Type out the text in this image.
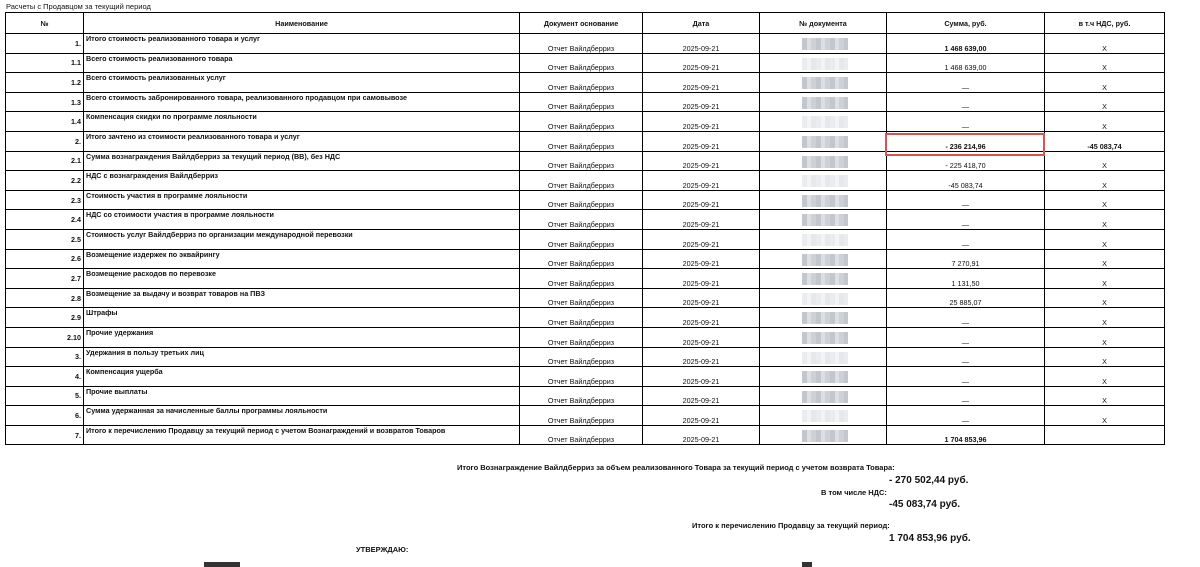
Расчеты с Продавцом за текущий период
№	Наименование	Документ основание	Дата	№ документа	Сумма, руб.	в т.ч НДС, руб.
1.	Итого стоимость реализованного товара и услуг	Отчет Вайлдберриз	2025-09-21		1 468 639,00	X
1.1	Всего стоимость реализованного товара	Отчет Вайлдберриз	2025-09-21		1 468 639,00	X
1.2	Всего стоимость реализованных услуг	Отчет Вайлдберриз	2025-09-21		—	X
1.3	Всего стоимость забронированного товара, реализованного продавцом при самовывозе	Отчет Вайлдберриз	2025-09-21		—	X
1.4	Компенсация скидки по программе лояльности	Отчет Вайлдберриз	2025-09-21		—	X
2.	Итого зачтено из стоимости реализованного товара и услуг	Отчет Вайлдберриз	2025-09-21		- 236 214,96	-45 083,74
2.1	Сумма вознаграждения Вайлдберриз за текущий период (ВВ), без НДС	Отчет Вайлдберриз	2025-09-21		- 225 418,70	X
2.2	НДС с вознаграждения Вайлдберриз	Отчет Вайлдберриз	2025-09-21		-45 083,74	X
2.3	Стоимость участия в программе лояльности	Отчет Вайлдберриз	2025-09-21		—	X
2.4	НДС со стоимости участия в программе лояльности	Отчет Вайлдберриз	2025-09-21		—	X
2.5	Стоимость услуг Вайлдберриз по организации международной перевозки	Отчет Вайлдберриз	2025-09-21		—	X
2.6	Возмещение издержек по эквайрингу	Отчет Вайлдберриз	2025-09-21		7 270,91	X
2.7	Возмещение расходов по перевозке	Отчет Вайлдберриз	2025-09-21		1 131,50	X
2.8	Возмещение за выдачу и возврат товаров на ПВЗ	Отчет Вайлдберриз	2025-09-21		25 885,07	X
2.9	Штрафы	Отчет Вайлдберриз	2025-09-21		—	X
2.10	Прочие удержания	Отчет Вайлдберриз	2025-09-21		—	X
3.	Удержания в пользу третьих лиц	Отчет Вайлдберриз	2025-09-21		—	X
4.	Компенсация ущерба	Отчет Вайлдберриз	2025-09-21		—	X
5.	Прочие выплаты	Отчет Вайлдберриз	2025-09-21		—	X
6.	Сумма удержанная за начисленные баллы программы лояльности	Отчет Вайлдберриз	2025-09-21		—	X
7.	Итого к перечислению Продавцу за текущий период с учетом Вознаграждений и возвратов Товаров	Отчет Вайлдберриз	2025-09-21		1 704 853,96	
Итого Вознаграждение Вайлдберриз за объем реализованного Товара за текущий период с учетом возврата Товара:
- 270 502,44 руб.
В том числе НДС:
-45 083,74 руб.
Итого к перечислению Продавцу за текущий период:
1 704 853,96 руб.
УТВЕРЖДАЮ:
